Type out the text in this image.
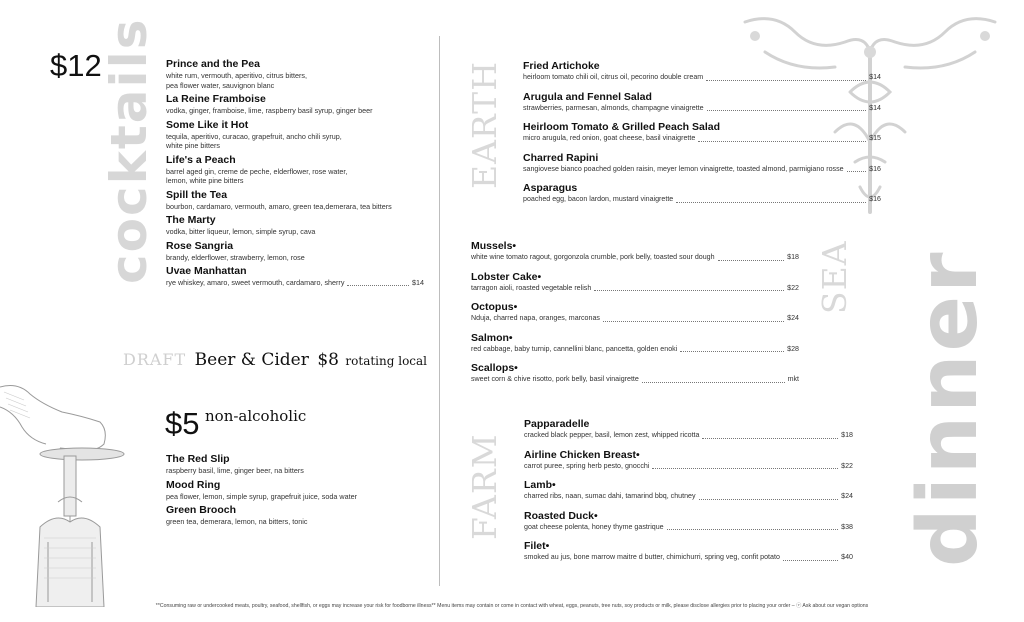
$12
cocktails Prince and the Pea
white rum, vermouth, aperitivo, citrus bitters,
pea flower water, sauvignon blanc
La Reine Framboise
vodka, ginger, framboise, lime, raspberry basil syrup, ginger beer
Some Like it Hot
tequila, aperitivo, curacao, grapefruit, ancho chili syrup,
white pine bitters
Life's a Peach
barrel aged gin, creme de peche, elderflower, rose water,
lemon, white pine bitters
Spill the Tea
bourbon, cardamaro, vermouth, amaro, green tea,demerara, tea bitters
The Marty
vodka, bitter liqueur, lemon, simple syrup, cava
Rose Sangria
brandy, elderflower, strawberry, lemon, rose
Uvae Manhattan
rye whiskey, amaro, sweet vermouth, cardamaro, sherry	$14
DRAFT Beer & Cider $8 rotating local
$5 non-alcoholic
The Red Slip
raspberry basil, lime, ginger beer, na bitters
Mood Ring
pea flower, lemon, simple syrup, grapefruit juice, soda water
Green Brooch
green tea, demerara, lemon, na bitters, tonic
EARTH
SEA
FARM	dinner
Fried Artichoke
heirloom tomato chili oil, citrus oil, pecorino double cream	$14
Arugula and Fennel Salad
strawberries, parmesan, almonds, champagne vinaigrette	$14
Heirloom Tomato & Grilled Peach Salad
micro arugula, red onion, goat cheese, basil vinaigrette	$15
Charred Rapini
sangiovese bianco poached golden raisin, meyer lemon vinaigrette, toasted almond, parmigiano rosse	$16
Asparagus
poached egg, bacon lardon, mustard vinaigrette	$16
Mussels•
white wine tomato ragout, gorgonzola crumble, pork belly, toasted sour dough	$18
Lobster Cake•
tarragon aioli, roasted vegetable relish	$22
Octopus•
Nduja, charred napa, oranges, marconas	$24
Salmon•
red cabbage, baby turnip, cannellini blanc, pancetta, golden enoki	$28
Scallops•
sweet corn & chive risotto, pork belly, basil vinaigrette	mkt
Papparadelle
cracked black pepper, basil, lemon zest, whipped ricotta	$18
Airline Chicken Breast•
carrot puree, spring herb pesto, gnocchi	$22
Lamb•
charred ribs, naan, sumac dahi, tamarind bbq, chutney	$24
Roasted Duck•
goat cheese polenta, honey thyme gastrique	$38
Filet•
smoked au jus, bone marrow maitre d butter, chimichurri, spring veg, confit potato	$40
**Consuming raw or undercooked meats, poultry, seafood, shellfish, or eggs may increase your risk for foodborne illness** Menu items may contain or come in contact with wheat, eggs, peanuts, tree nuts, soy products or milk, please disclose allergies prior to placing your order – ⓥ Ask about our vegan options
